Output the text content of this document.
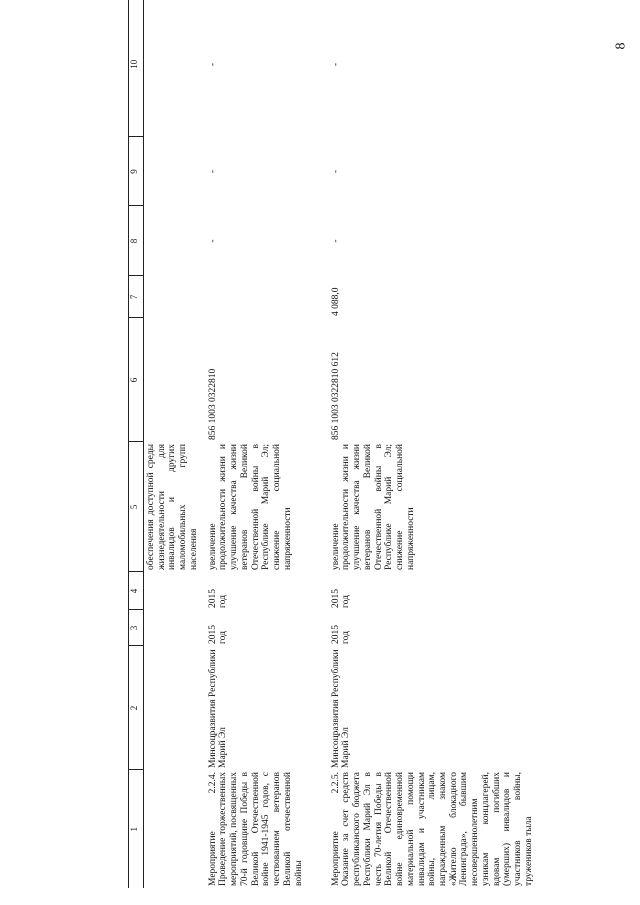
8
1	2	3	4	5	6	7	8	9	10
				обеспечения доступной среды жизнедеятельности для инвалидов и других маломобильных групп населения					
Мероприятие 2.2.4. Проведение торжественных мероприятий, посвященных 70-й годовщине Победы в Великой Отечественной войне 1941-1945 годов, с чествованием ветеранов Великой отечественной войны	Минсоцразвития Республики Марий Эл	2015 год	2015 год	увеличение продолжительности жизни и улучшение качества жизни ветеранов Великой Отечественной войны в Республике Марий Эл; снижение социальной напряженности	856 1003 0322810		-	-	-
Мероприятие 2.2.5. Оказание за счет средств республиканского бюджета Республики Марий Эл в честь 70-летия Победы в Великой Отечественной войне единовременной материальной помощи инвалидам и участникам войны, лицам, награжденным знаком «Жителю блокадного Ленинграда», бывшим несовершеннолетним узникам концлагерей, вдовам погибших (умерших) инвалидов и участников войны, тружеников тыла	Минсоцразвития Республики Марий Эл	2015 год	2015 год	увеличение продолжительности жизни и улучшение качества жизни ветеранов Великой Отечественной войны в Республике Марий Эл; снижение социальной напряженности	856 1003 0322810 612	4 088,0	-	-	-
